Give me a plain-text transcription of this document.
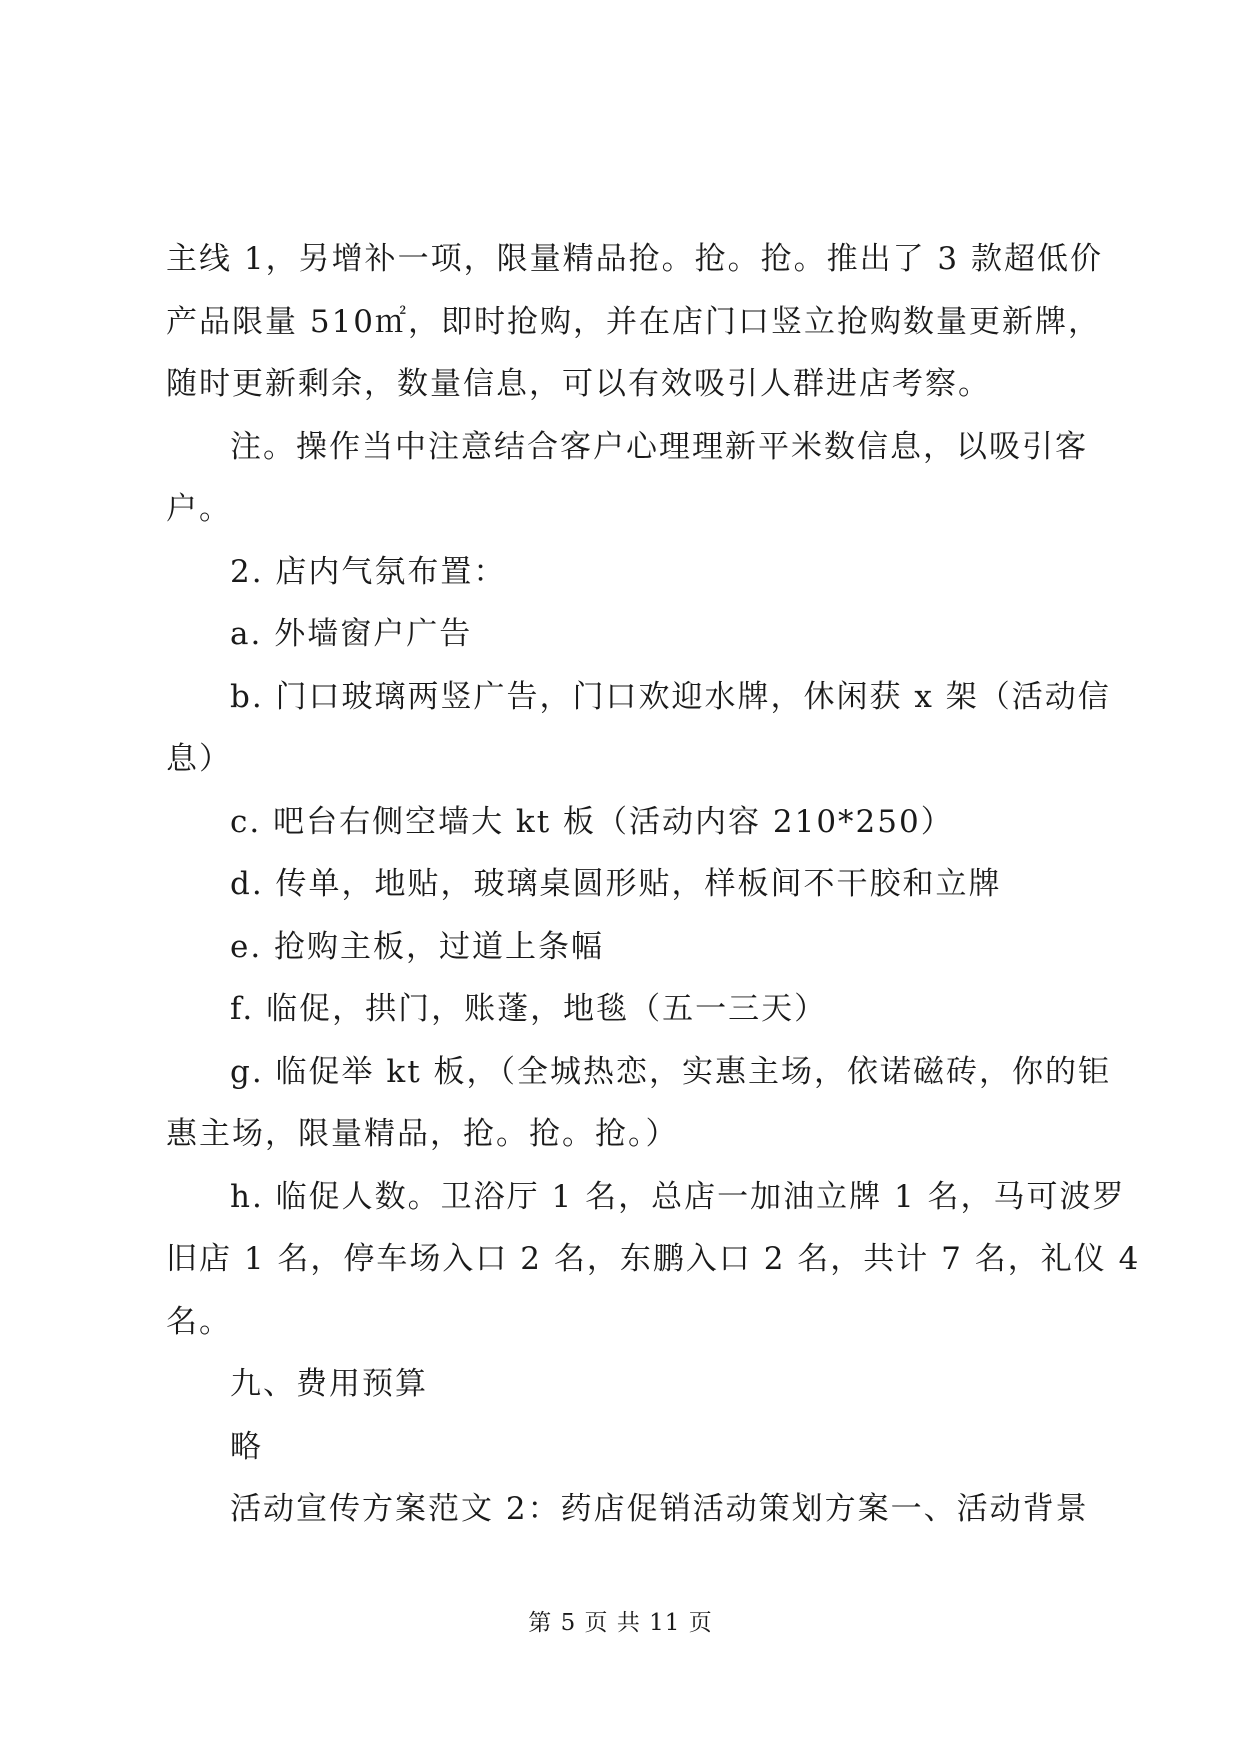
主线 1，另增补一项，限量精品抢。抢。抢。推出了 3 款超低价
产品限量 510㎡，即时抢购，并在店门口竖立抢购数量更新牌，
随时更新剩余，数量信息，可以有效吸引人群进店考察。
注。操作当中注意结合客户心理理新平米数信息，以吸引客
户。
2. 店内气氛布置：
a. 外墙窗户广告
b. 门口玻璃两竖广告，门口欢迎水牌，休闲获 x 架（活动信
息）
c. 吧台右侧空墙大 kt 板（活动内容 210*250）
d. 传单，地贴，玻璃桌圆形贴，样板间不干胶和立牌
e. 抢购主板，过道上条幅
f. 临促，拱门，账蓬，地毯（五一三天）
g. 临促举 kt 板，（全城热恋，实惠主场，依诺磁砖，你的钜
惠主场，限量精品，抢。抢。抢。）
h. 临促人数。卫浴厅 1 名，总店一加油立牌 1 名，马可波罗
旧店 1 名，停车场入口 2 名，东鹏入口 2 名，共计 7 名，礼仪 4
名。
九、费用预算
略
活动宣传方案范文 2：药店促销活动策划方案一、活动背景
第 5 页 共 11 页
